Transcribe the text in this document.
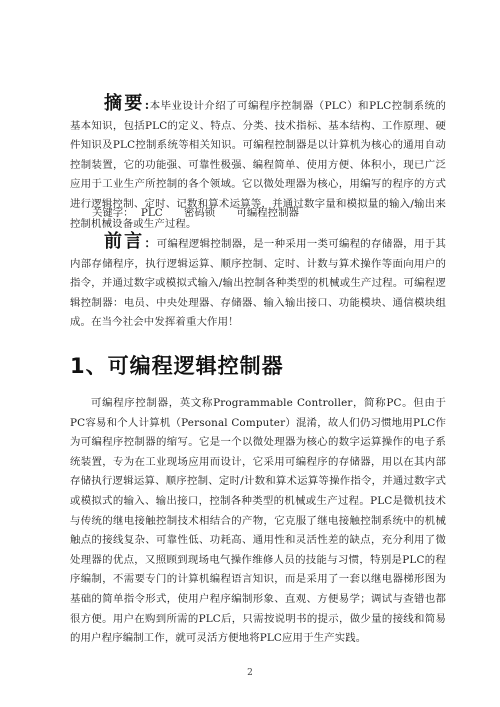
摘要:本毕业设计介绍了可编程序控制器（PLC）和PLC控制系统的基本知识，包括PLC的定义、特点、分类、技术指标、基本结构、工作原理、硬件知识及PLC控制系统等相关知识。可编程控制器是以计算机为核心的通用自动控制装置，它的功能强、可靠性极强、编程简单、使用方便、体积小，现已广泛应用于工业生产所控制的各个领域。它以微处理器为核心，用编写的程序的方式进行逻辑控制、定时、记数和算术运算等，并通过数字量和模拟量的输入/输出来控制机械设备或生产过程。

关键字： PLC 密码锁 可编程控制器

前言：可编程逻辑控制器，是一种采用一类可编程的存储器，用于其内部存储程序，执行逻辑运算、顺序控制、定时、计数与算术操作等面向用户的指令，并通过数字或模拟式输入/输出控制各种类型的机械或生产过程。可编程逻辑控制器：电员、中央处理器、存储器、输入输出接口、功能模块、通信模块组成。在当今社会中发挥着重大作用！

1、可编程逻辑控制器

可编程序控制器，英文称Programmable Controller，简称PC。但由于PC容易和个人计算机（Personal Computer）混淆，故人们仍习惯地用PLC作为可编程序控制器的缩写。它是一个以微处理器为核心的数字运算操作的电子系统装置，专为在工业现场应用而设计，它采用可编程序的存储器，用以在其内部存储执行逻辑运算、顺序控制、定时/计数和算术运算等操作指令，并通过数字式或模拟式的输入、输出接口，控制各种类型的机械或生产过程。PLC是微机技术与传统的继电接触控制技术相结合的产物，它克服了继电接触控制系统中的机械触点的接线复杂、可靠性低、功耗高、通用性和灵活性差的缺点，充分利用了微处理器的优点，又照顾到现场电气操作维修人员的技能与习惯，特别是PLC的程序编制，不需要专门的计算机编程语言知识，而是采用了一套以继电器梯形图为基础的简单指令形式，使用户程序编制形象、直观、方便易学；调试与查错也都很方便。用户在购到所需的PLC后，只需按说明书的提示，做少量的接线和简易的用户程序编制工作，就可灵活方便地将PLC应用于生产实践。

2
